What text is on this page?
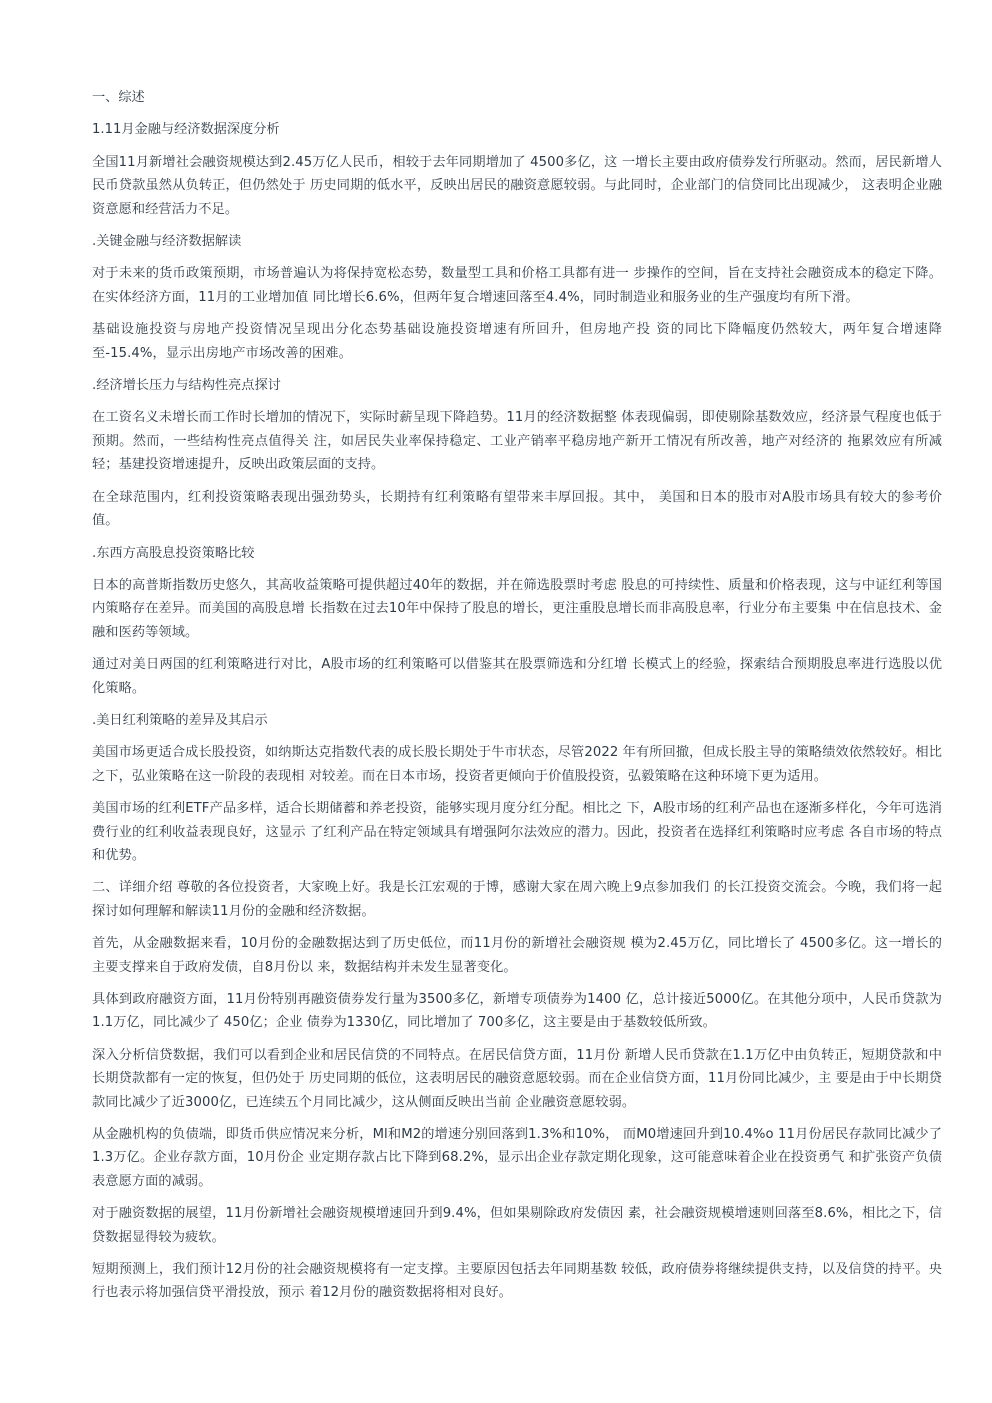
一、综述

1.11月金融与经济数据深度分析

全国11月新增社会融资规模达到2.45万亿人民币，相较于去年同期增加了 4500多亿，这 一增长主要由政府债券发行所驱动。然而，居民新增人民币贷款虽然从负转正，但仍然处于 历史同期的低水平，反映出居民的融资意愿较弱。与此同时，企业部门的信贷同比出现减少， 这表明企业融资意愿和经营活力不足。

.关键金融与经济数据解读

对于未来的货币政策预期，市场普遍认为将保持宽松态势，数量型工具和价格工具都有进一 步操作的空间，旨在支持社会融资成本的稳定下降。在实体经济方面，11月的工业增加值 同比增长6.6%，但两年复合增速回落至4.4%，同时制造业和服务业的生产强度均有所下滑。

基础设施投资与房地产投资情况呈现出分化态势基础设施投资增速有所回升，但房地产投 资的同比下降幅度仍然较大，两年复合增速降至-15.4%，显示出房地产市场改善的困难。

.经济增长压力与结构性亮点探讨

在工资名义未增长而工作时长增加的情况下，实际时薪呈现下降趋势。11月的经济数据整 体表现偏弱，即使剔除基数效应，经济景气程度也低于预期。然而，一些结构性亮点值得关 注，如居民失业率保持稳定、工业产销率平稳房地产新开工情况有所改善，地产对经济的 拖累效应有所减轻；基建投资增速提升，反映出政策层面的支持。

在全球范围内，红利投资策略表现出强劲势头，长期持有红利策略有望带来丰厚回报。其中， 美国和日本的股市对A股市场具有较大的参考价值。

.东西方高股息投资策略比较

日本的高普斯指数历史悠久，其高收益策略可提供超过40年的数据，并在筛选股票时考虑 股息的可持续性、质量和价格表现，这与中证红利等国内策略存在差异。而美国的高股息增 长指数在过去10年中保持了股息的增长，更注重股息增长而非高股息率，行业分布主要集 中在信息技术、金融和医药等领域。

通过对美日两国的红利策略进行对比，A股市场的红利策略可以借鉴其在股票筛选和分红增 长模式上的经验，探索结合预期股息率进行选股以优化策略。

.美日红利策略的差异及其启示

美国市场更适合成长股投资，如纳斯达克指数代表的成长股长期处于牛市状态，尽管2022 年有所回撤，但成长股主导的策略绩效依然较好。相比之下，弘业策略在这一阶段的表现相 对较差。而在日本市场，投资者更倾向于价值股投资，弘毅策略在这种环境下更为适用。

美国市场的红利ETF产品多样，适合长期储蓄和养老投资，能够实现月度分红分配。相比之 下，A股市场的红利产品也在逐渐多样化，今年可选消费行业的红利收益表现良好，这显示 了红利产品在特定领域具有增强阿尔法效应的潜力。因此，投资者在选择红利策略时应考虑 各自市场的特点和优势。

二、详细介绍 尊敬的各位投资者，大家晚上好。我是长江宏观的于博，感谢大家在周六晚上9点参加我们 的长江投资交流会。今晚，我们将一起探讨如何理解和解读11月份的金融和经济数据。

首先，从金融数据来看，10月份的金融数据达到了历史低位，而11月份的新增社会融资规 模为2.45万亿，同比增长了 4500多亿。这一增长的主要支撑来自于政府发债，自8月份以 来，数据结构并未发生显著变化。

具体到政府融资方面，11月份特别再融资债券发行量为3500多亿，新增专项债券为1400 亿，总计接近5000亿。在其他分项中，人民币贷款为1.1万亿，同比减少了 450亿；企业 债券为1330亿，同比增加了 700多亿，这主要是由于基数较低所致。

深入分析信贷数据，我们可以看到企业和居民信贷的不同特点。在居民信贷方面，11月份 新增人民币贷款在1.1万亿中由负转正，短期贷款和中长期贷款都有一定的恢复，但仍处于 历史同期的低位，这表明居民的融资意愿较弱。而在企业信贷方面，11月份同比减少，主 要是由于中长期贷款同比减少了近3000亿，已连续五个月同比减少，这从侧面反映出当前 企业融资意愿较弱。

从金融机构的负债端，即货币供应情况来分析，Ml和M2的增速分别回落到1.3%和10%， 而M0增速回升到10.4%o 11月份居民存款同比减少了1.3万亿。企业存款方面，10月份企 业定期存款占比下降到68.2%，显示出企业存款定期化现象，这可能意味着企业在投资勇气 和扩张资产负债表意愿方面的减弱。

对于融资数据的展望，11月份新增社会融资规模增速回升到9.4%，但如果剔除政府发债因 素，社会融资规模增速则回落至8.6%，相比之下，信贷数据显得较为疲软。

短期预测上，我们预计12月份的社会融资规模将有一定支撑。主要原因包括去年同期基数 较低，政府债券将继续提供支持，以及信贷的持平。央行也表示将加强信贷平滑投放，预示 着12月份的融资数据将相对良好。
